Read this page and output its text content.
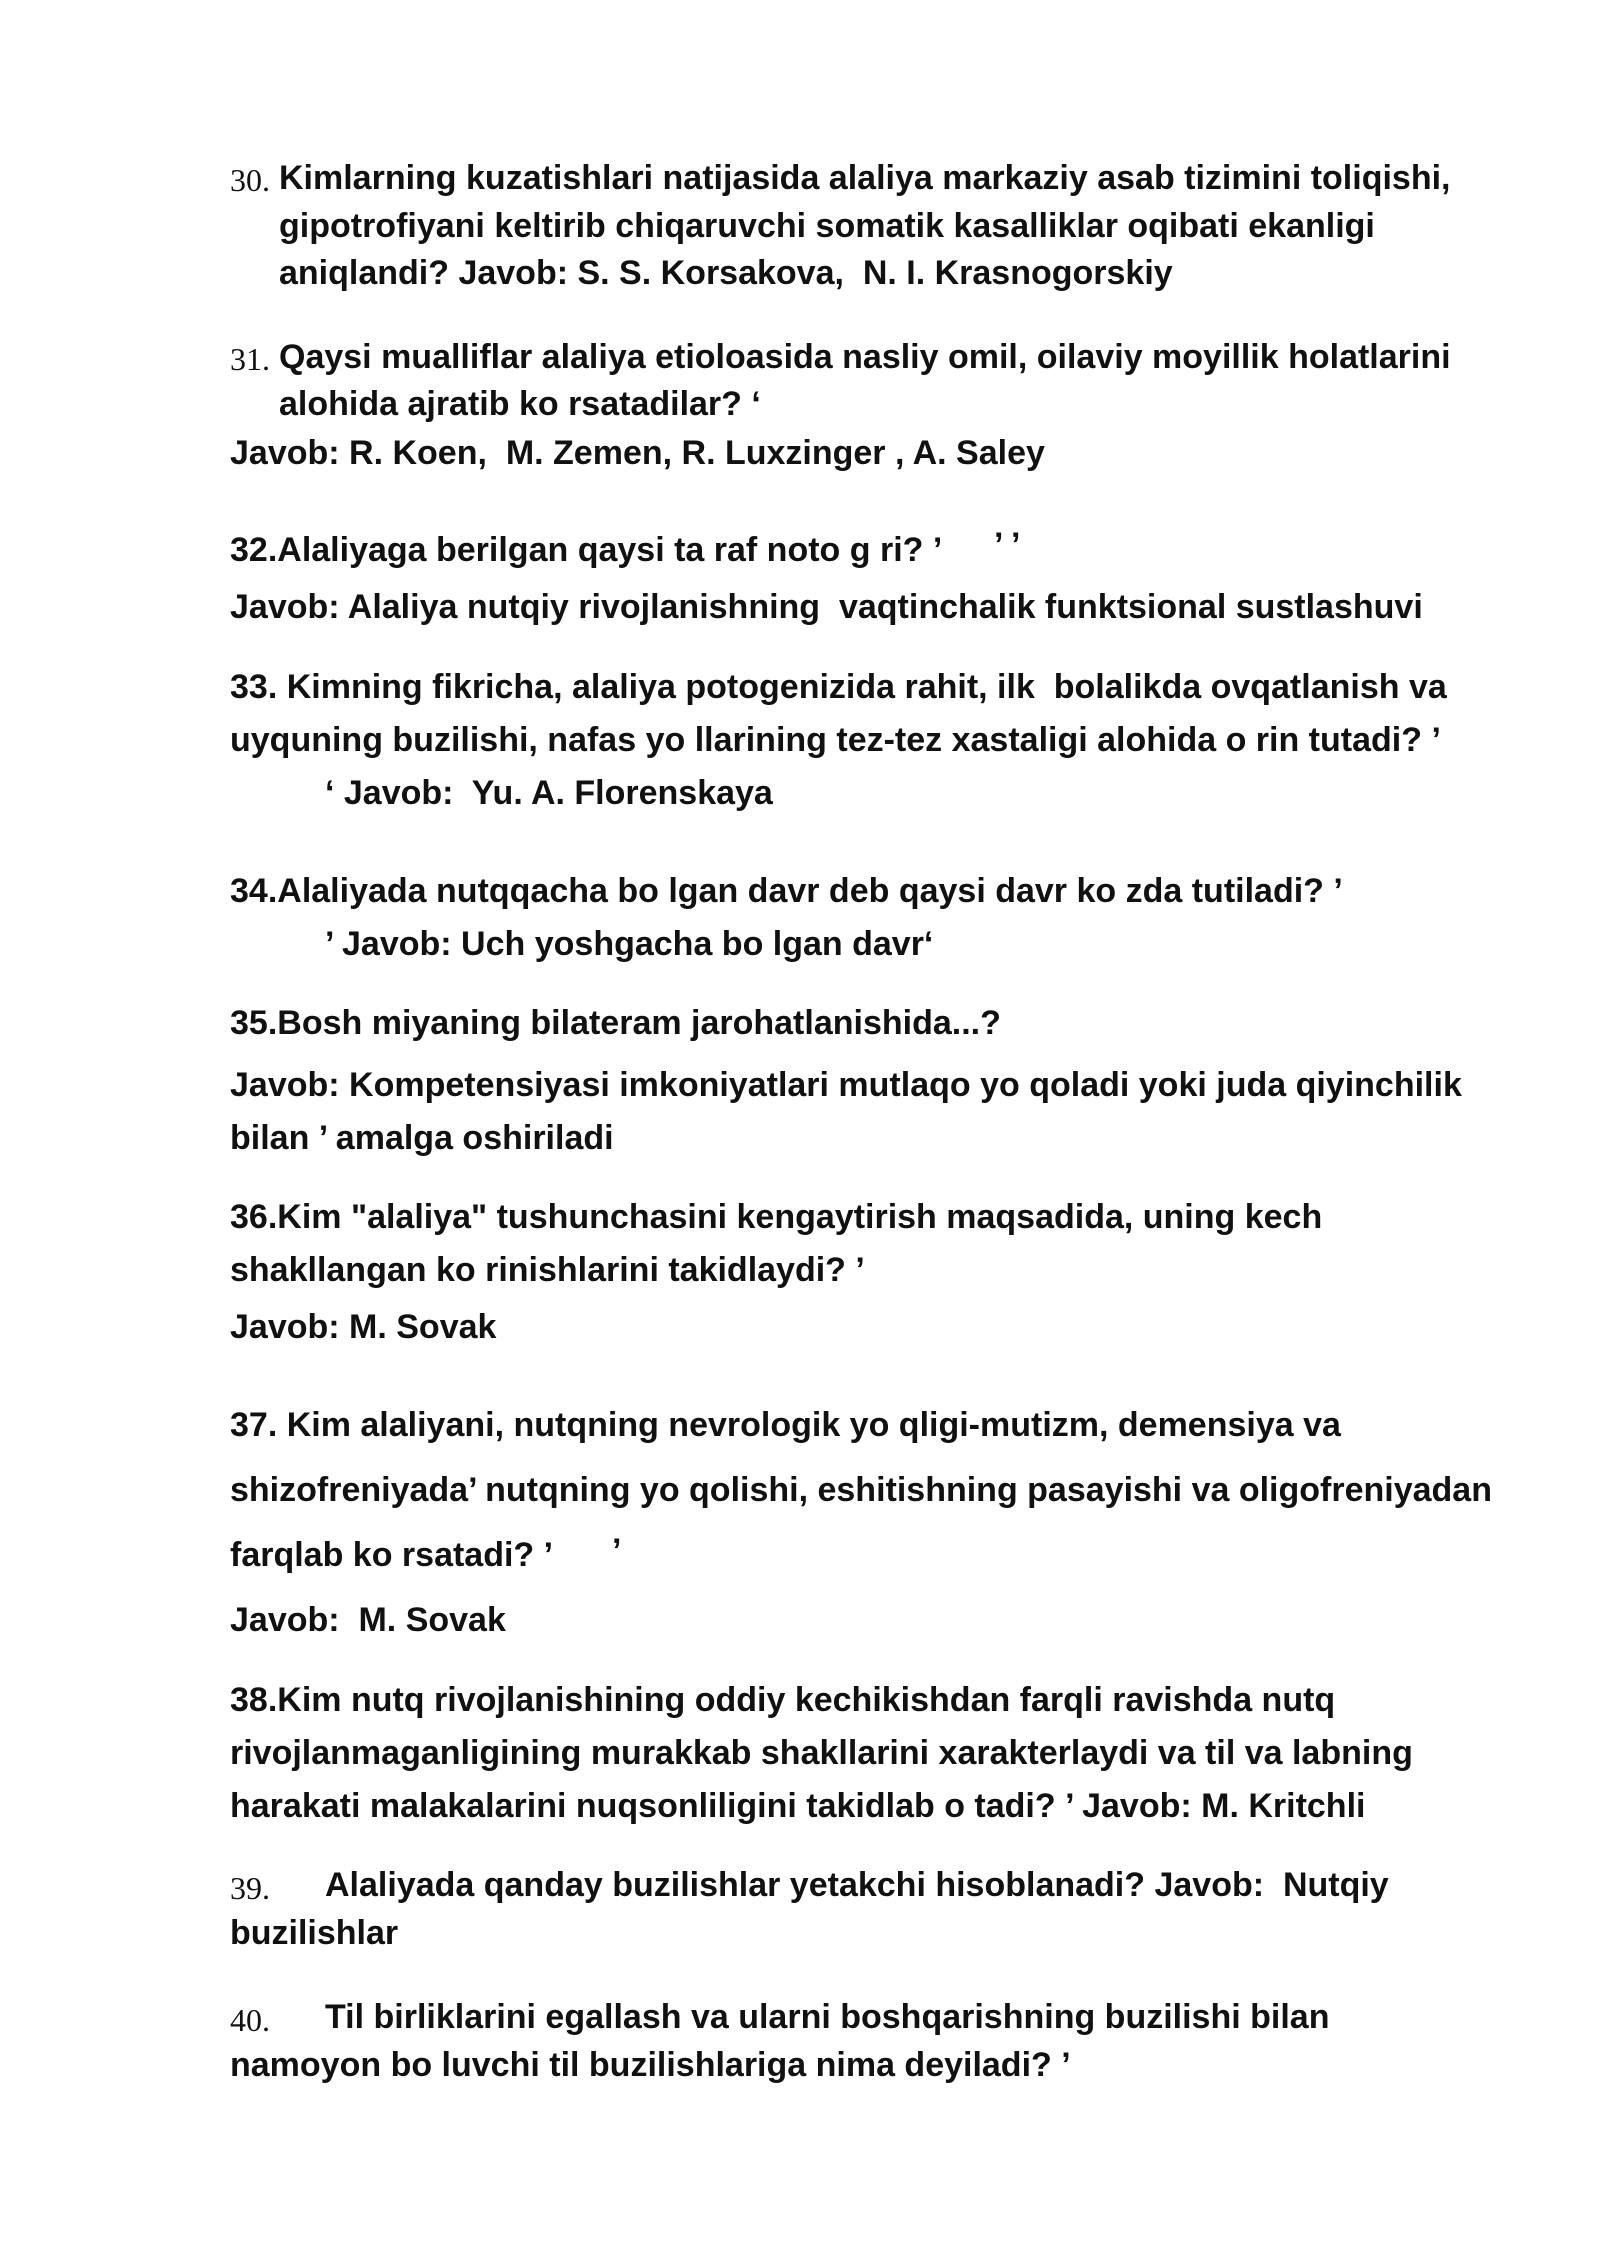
30. Kimlarning kuzatishlari natijasida alaliya markaziy asab tizimini toliqishi,
gipotrofiyani keltirib chiqaruvchi somatik kasalliklar oqibati ekanligi
aniqlandi? Javob: S. S. Korsakova,  N. I. Krasnogorskiy
31. Qaysi mualliflar alaliya etioloasida nasliy omil, oilaviy moyillik holatlarini
alohida ajratib ko rsatadilar? ‘
Javob: R. Koen,  M. Zemen, R. Luxzinger , A. Saley
32.Alaliyaga berilgan qaysi ta raf noto g ri? ’ ’ ’
Javob: Alaliya nutqiy rivojlanishning  vaqtinchalik funktsional sustlashuvi
33. Kimning fikricha, alaliya potogenizida rahit, ilk  bolalikda ovqatlanish va
uyquning buzilishi, nafas yo llarining tez-tez xastaligi alohida o rin tutadi? ’
‘ Javob:  Yu. A. Florenskaya
34.Alaliyada nutqqacha bo lgan davr deb qaysi davr ko zda tutiladi? ’
’ Javob: Uch yoshgacha bo lgan davr‘
35.Bosh miyaning bilateram jarohatlanishida...?
Javob: Kompetensiyasi imkoniyatlari mutlaqo yo qoladi yoki juda qiyinchilik
bilan ’ amalga oshiriladi
36.Kim "alaliya" tushunchasini kengaytirish maqsadida, uning kech
shakllangan ko rinishlarini takidlaydi? ’
Javob: M. Sovak
37. Kim alaliyani, nutqning nevrologik yo qligi-mutizm, demensiya va
shizofreniyada’ nutqning yo qolishi, eshitishning pasayishi va oligofreniyadan
farqlab ko rsatadi? ’ ’
Javob:  M. Sovak
38.Kim nutq rivojlanishining oddiy kechikishdan farqli ravishda nutq
rivojlanmaganligining murakkab shakllarini xarakterlaydi va til va labning
harakati malakalarini nuqsonliligini takidlab o tadi? ’ Javob: M. Kritchli
39. Alaliyada qanday buzilishlar yetakchi hisoblanadi? Javob:  Nutqiy
buzilishlar
40. Til birliklarini egallash va ularni boshqarishning buzilishi bilan
namoyon bo luvchi til buzilishlariga nima deyiladi? ’
